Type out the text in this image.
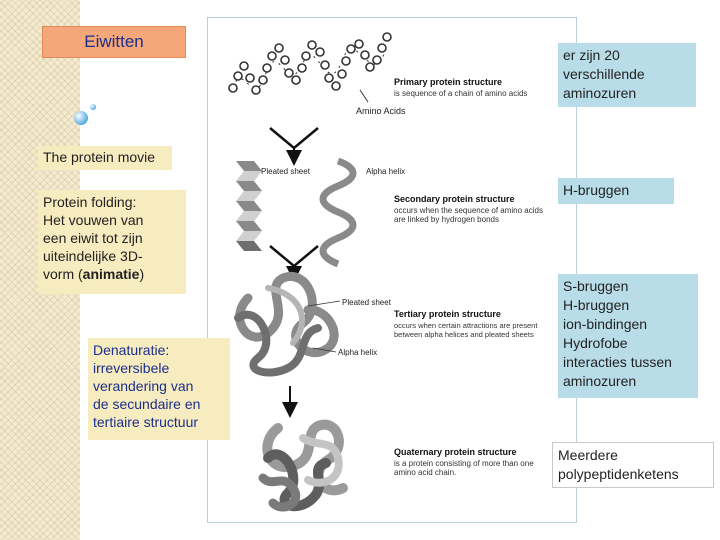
Eiwitten
Amino Acids
Primary protein structure
is sequence of a chain of amino acids
Pleated sheet	Alpha helix
Secondary protein structure
occurs when the sequence of amino acids
are linked by hydrogen bonds
Pleated sheet
Alpha helix
Tertiary protein structure
occurs when certain attractions are present
between alpha helices and pleated sheets
Quaternary protein structure
is a protein consisting of more than one
amino acid chain.
The protein movie
Protein folding:
Het vouwen van
een eiwit tot zijn
uiteindelijke 3D-
vorm (animatie)
Denaturatie:
irreversibele
verandering van
de secundaire en
tertiaire structuur
er zijn 20
verschillende
aminozuren
H-bruggen
S-bruggen
H-bruggen
ion-bindingen
Hydrofobe
interacties tussen
aminozuren
Meerdere
polypeptidenketens
